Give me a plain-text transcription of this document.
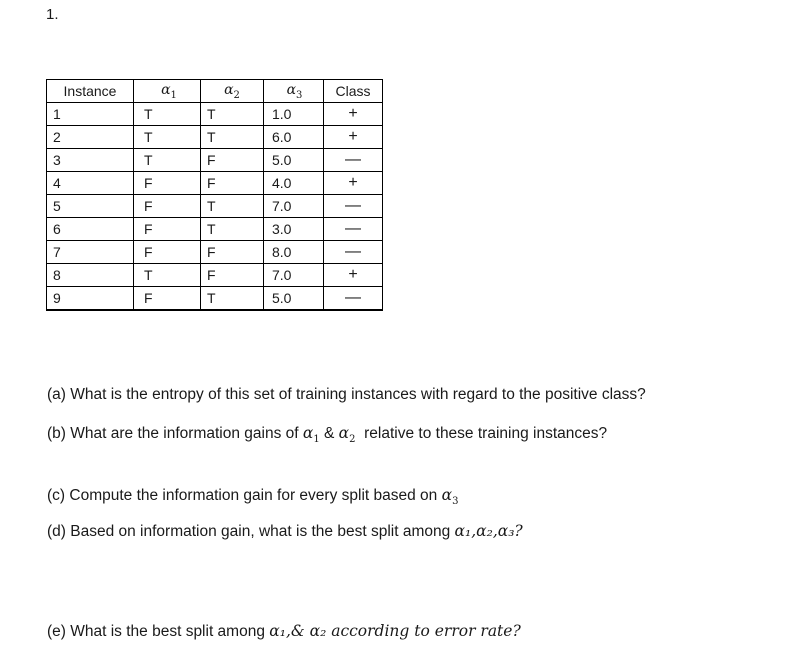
1.
Instance	$\alpha_1$	$\alpha_2$	$\alpha_3$	Class
1	T	T	1.0	+
2	T	T	6.0	+
3	T	F	5.0	—
4	F	F	4.0	+
5	F	T	7.0	—
6	F	T	3.0	—
7	F	F	8.0	—
8	T	F	7.0	+
9	F	T	5.0	—
(a) What is the entropy of this set of training instances with regard to the positive class?
(b) What are the information gains of $\alpha_1$ & $\alpha_2$  relative to these training instances?
(c) Compute the information gain for every split based on $\alpha_3$
(d) Based on information gain, what is the best split among α₁,α₂,α₃?
(e) What is the best split among α₁,& α₂ according to error rate?
